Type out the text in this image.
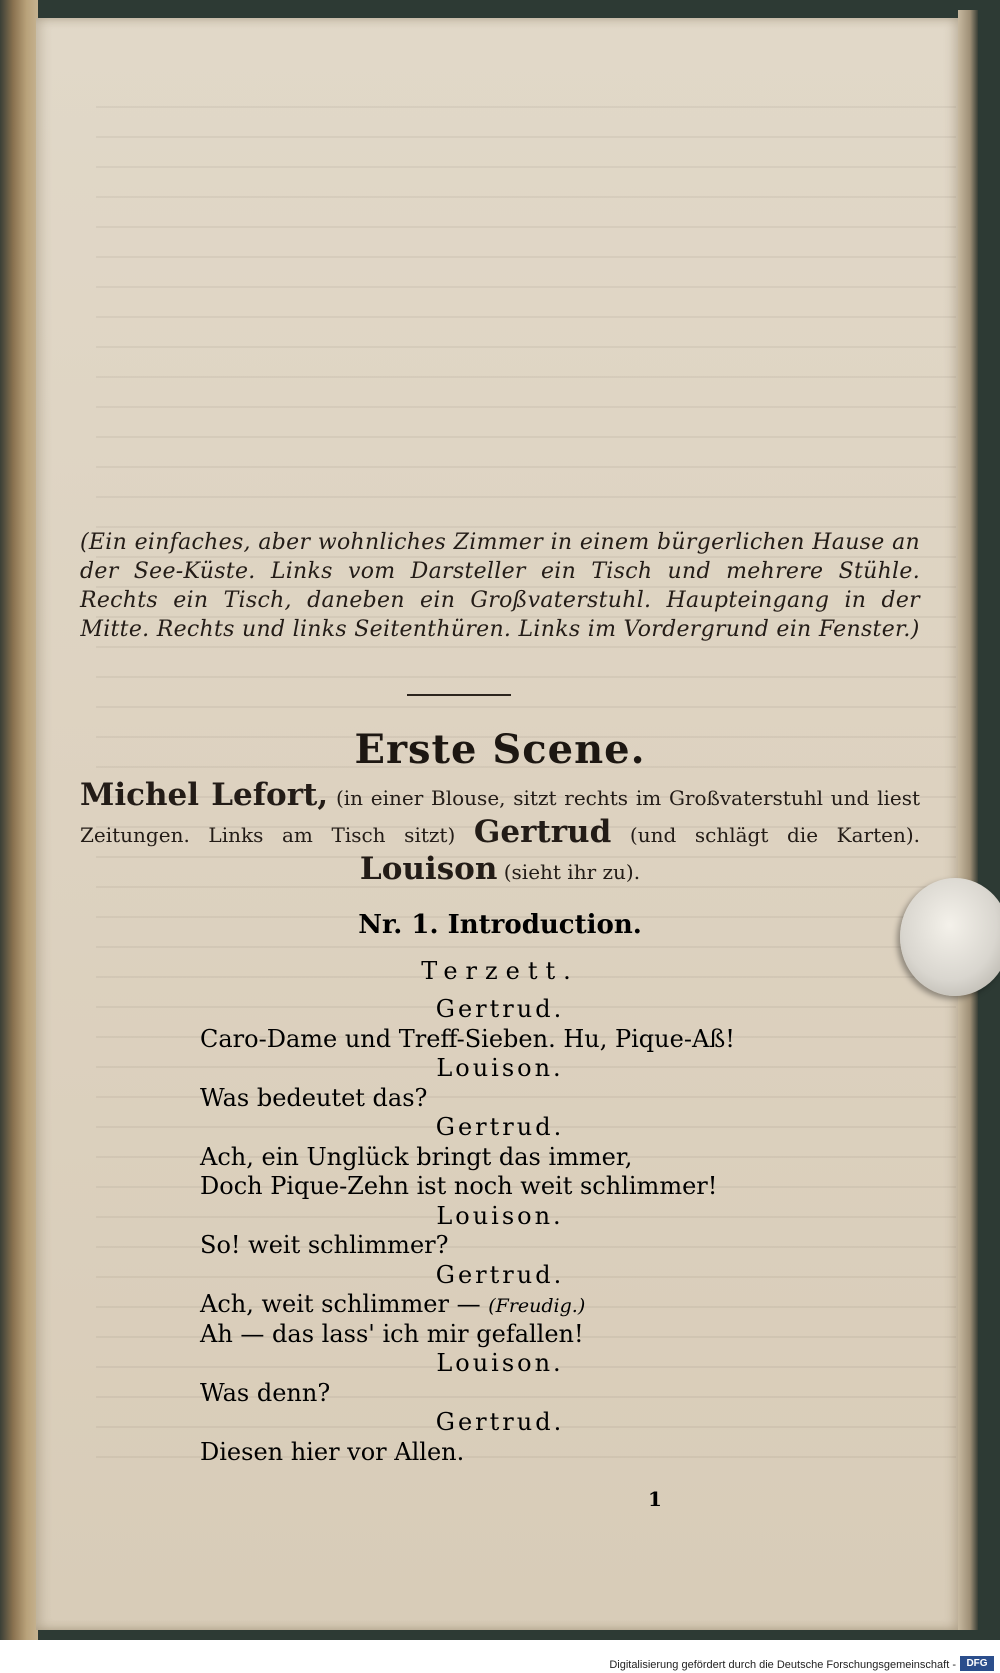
(Ein einfaches, aber wohnliches Zimmer in einem bürgerlichen Hause an der See-Küste. Links vom Darsteller ein Tisch und mehrere Stühle. Rechts ein Tisch, daneben ein Großvaterstuhl. Haupteingang in der Mitte. Rechts und links Seitenthüren. Links im Vordergrund ein Fenster.)
Erste Scene.
Michel Lefort, (in einer Blouse, sitzt rechts im Großvaterstuhl und liest Zeitungen. Links am Tisch sitzt) Gertrud (und schlägt die Karten). Louison (sieht ihr zu).
Nr. 1. Introduction.
Terzett.
Gertrud.
Caro-Dame und Treff-Sieben. Hu, Pique-Aß!
Louison.
Was bedeutet das?
Gertrud.
Ach, ein Unglück bringt das immer,
Doch Pique-Zehn ist noch weit schlimmer!
Louison.
So! weit schlimmer?
Gertrud.
Ach, weit schlimmer — (Freudig.)
Ah — das lass' ich mir gefallen!
Louison.
Was denn?
Gertrud.
Diesen hier vor Allen.
1
Digitalisierung gefördert durch die Deutsche Forschungsgemeinschaft -	DFG
